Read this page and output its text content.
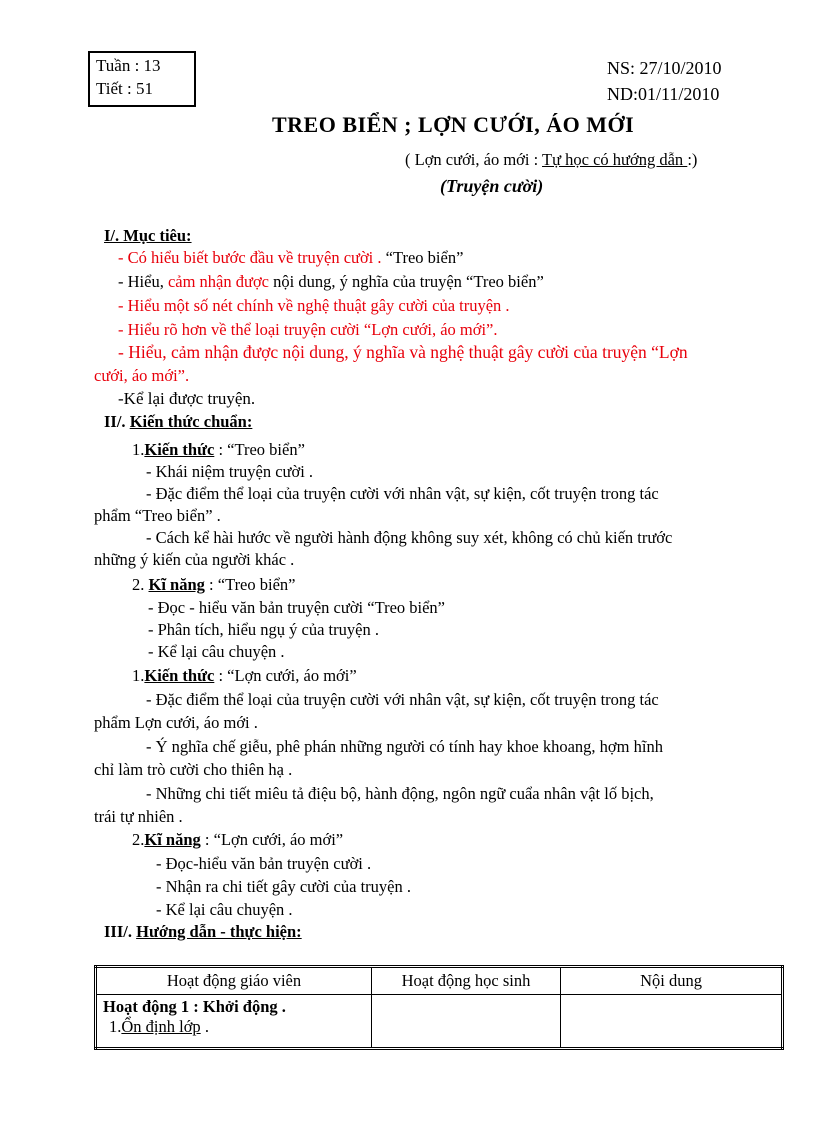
Tuần : 13
Tiết : 51
NS: 27/10/2010
ND:01/11/2010
TREO BIỂN ; LỢN CƯỚI, ÁO MỚI
( Lợn cưới, áo mới : Tự học có hướng dẫn :)
(Truyện cười)
I/. Mục tiêu:
- Có hiểu biết bước đầu về truyện cười . “Treo biển”
- Hiểu, cảm nhận được nội dung, ý nghĩa của truyện “Treo biển”
- Hiểu một số nét chính về nghệ thuật gây cười của truyện .
- Hiểu rõ hơn về thể loại truyện cười “Lợn cưới, áo mới”.
- Hiểu, cảm nhận được nội dung, ý nghĩa và nghệ thuật gây cười của truyện “Lợn
cưới, áo mới”.
-Kể lại được truyện.
II/. Kiến thức chuẩn:
1.Kiến thức : “Treo biển”
- Khái niệm truyện cười .
- Đặc điểm thể loại của truyện cười với nhân vật, sự kiện, cốt truyện trong tác
phẩm “Treo biển” .
- Cách kể hài hước về người hành động không suy xét, không có chủ kiến trước
những ý kiến của người khác .
2. Kĩ năng : “Treo biển”
- Đọc - hiểu văn bản truyện cười “Treo biển”
- Phân tích, hiểu ngụ ý của truyện .
- Kể lại câu chuyện .
1.Kiến thức : “Lợn cưới, áo mới”
- Đặc điểm thể loại của truyện cười với nhân vật, sự kiện, cốt truyện trong tác
phẩm Lợn cưới, áo mới .
- Ý nghĩa chế giễu, phê phán những người có tính hay khoe khoang, hợm hĩnh
chỉ làm trò cười cho thiên hạ .
- Những chi tiết miêu tả điệu bộ, hành động, ngôn ngữ cuẩa nhân vật lố bịch,
trái tự nhiên .
2.Kĩ năng : “Lợn cưới, áo mới”
- Đọc-hiểu văn bản truyện cười .
- Nhận ra chi tiết gây cười của truyện .
- Kể lại câu chuyện .
III/. Hướng dẫn - thực hiện:
Hoạt động giáo viên	Hoạt động học sinh	Nội dung

Hoạt động 1 : Khởi động .
1.Ổn định lớp .		
